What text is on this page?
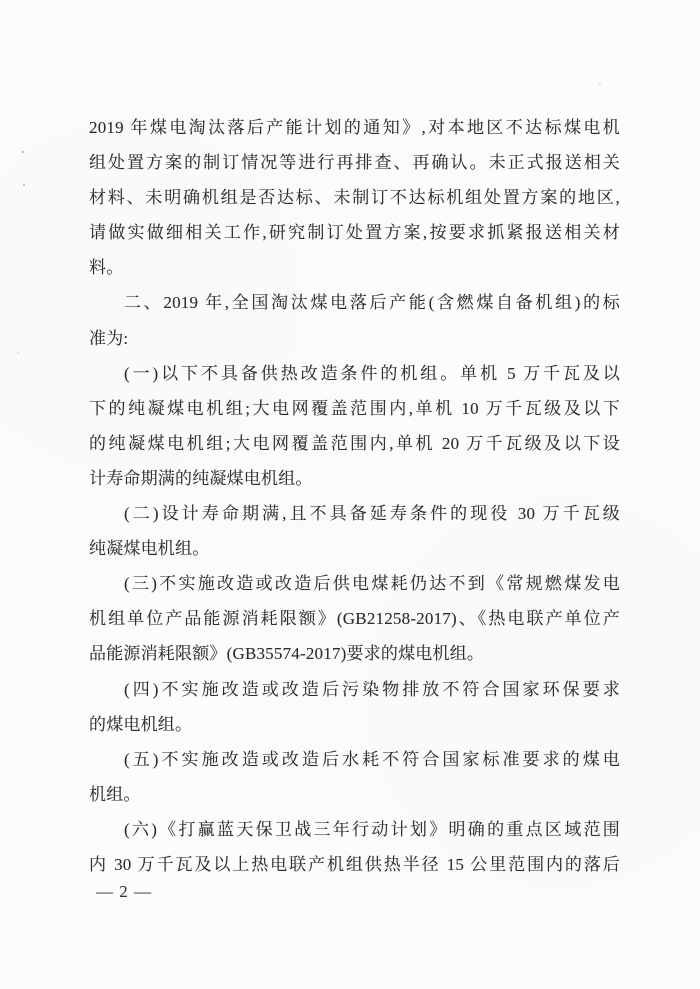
2019 年煤电淘汰落后产能计划的通知》,对本地区不达标煤电机
组处置方案的制订情况等进行再排查、再确认。未正式报送相关
材料、未明确机组是否达标、未制订不达标机组处置方案的地区,
请做实做细相关工作,研究制订处置方案,按要求抓紧报送相关材
料。
二、2019 年,全国淘汰煤电落后产能(含燃煤自备机组)的标
准为:
(一)以下不具备供热改造条件的机组。单机 5 万千瓦及以
下的纯凝煤电机组;大电网覆盖范围内,单机 10 万千瓦级及以下
的纯凝煤电机组;大电网覆盖范围内,单机 20 万千瓦级及以下设
计寿命期满的纯凝煤电机组。
(二)设计寿命期满,且不具备延寿条件的现役 30 万千瓦级
纯凝煤电机组。
(三)不实施改造或改造后供电煤耗仍达不到《常规燃煤发电
机组单位产品能源消耗限额》(GB21258-2017)、《热电联产单位产
品能源消耗限额》(GB35574-2017)要求的煤电机组。
(四)不实施改造或改造后污染物排放不符合国家环保要求
的煤电机组。
(五)不实施改造或改造后水耗不符合国家标准要求的煤电
机组。
(六)《打赢蓝天保卫战三年行动计划》明确的重点区域范围
内 30 万千瓦及以上热电联产机组供热半径 15 公里范围内的落后
— 2 —
